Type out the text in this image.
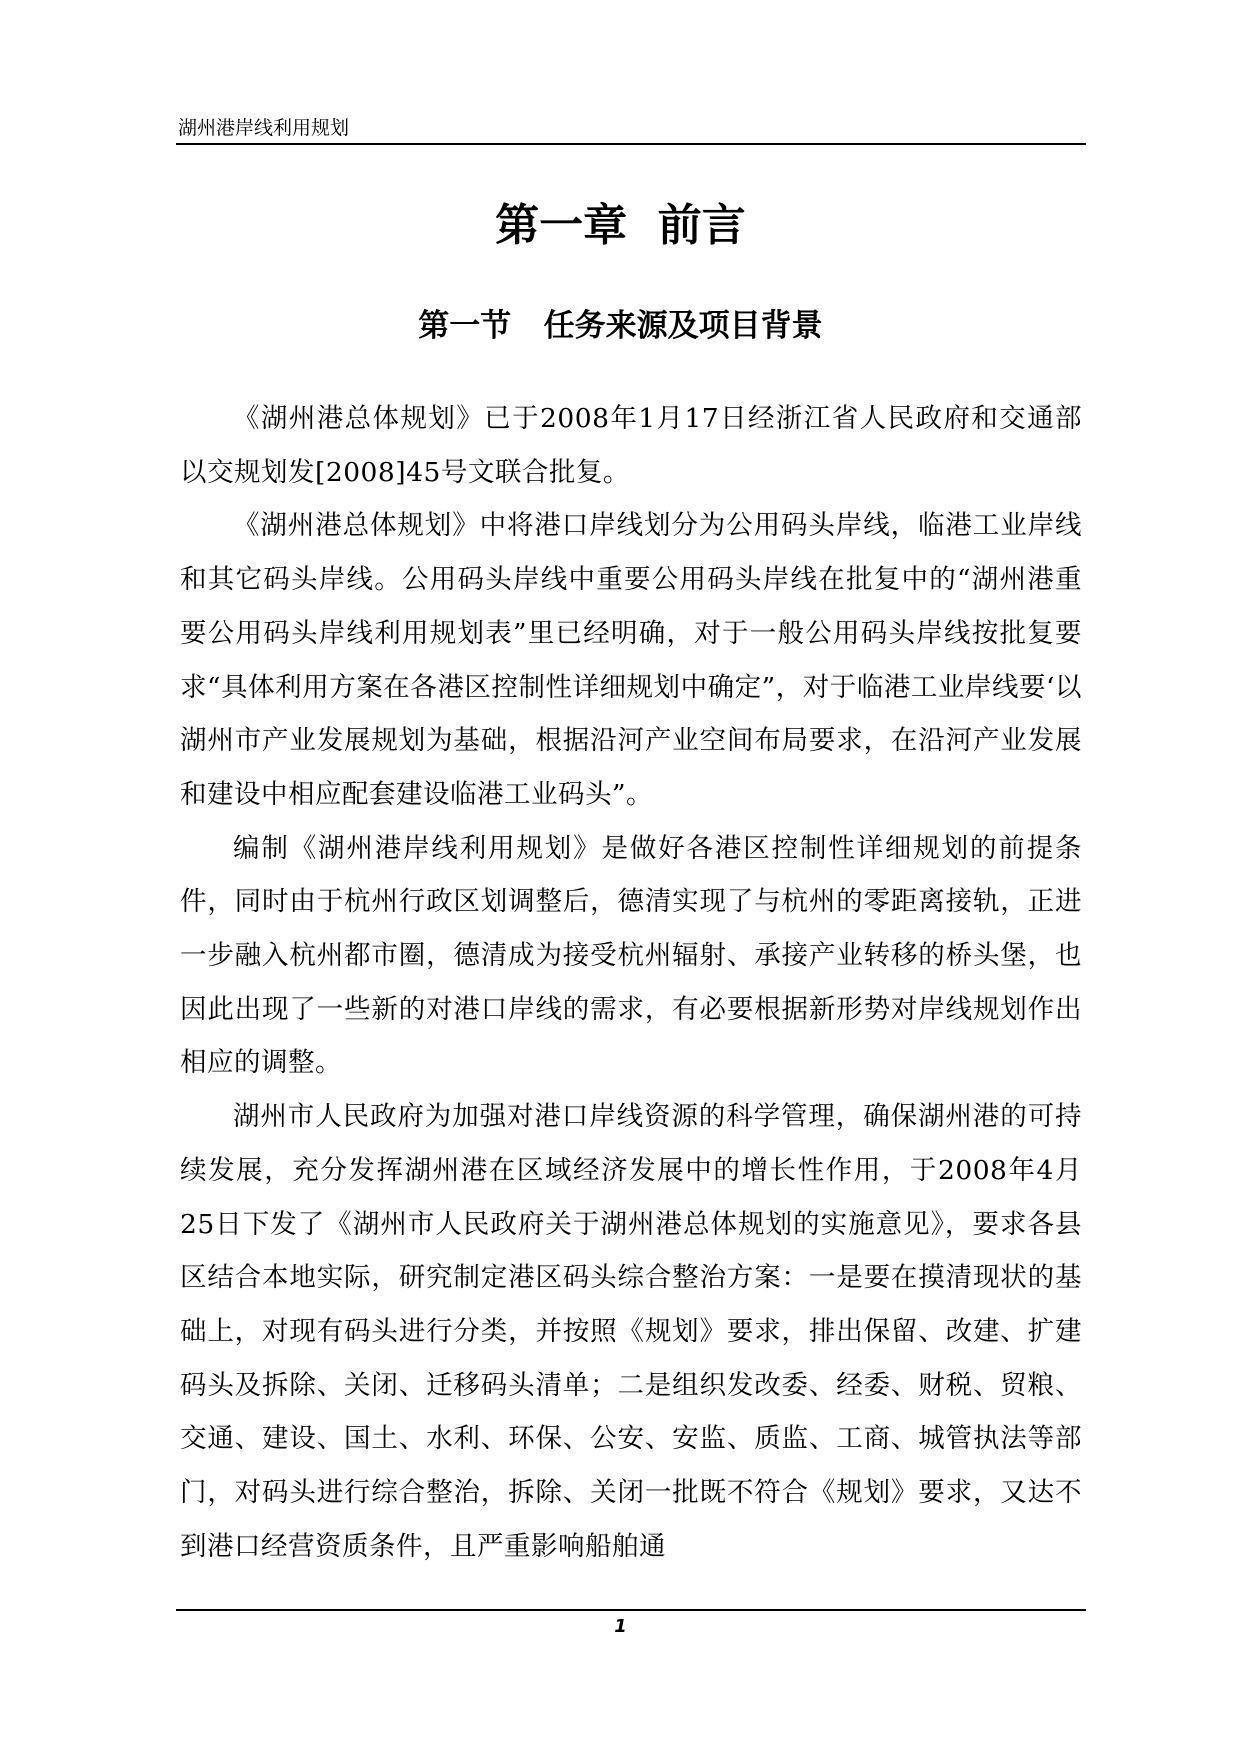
湖州港岸线利用规划
第一章  前言
第一节   任务来源及项目背景

《湖州港总体规划》已于2008年1月17日经浙江省人民政府和交通部以交规划发[2008]45号文联合批复。

《湖州港总体规划》中将港口岸线划分为公用码头岸线，临港工业岸线和其它码头岸线。公用码头岸线中重要公用码头岸线在批复中的“湖州港重要公用码头岸线利用规划表”里已经明确，对于一般公用码头岸线按批复要求“具体利用方案在各港区控制性详细规划中确定”，对于临港工业岸线要‘以湖州市产业发展规划为基础，根据沿河产业空间布局要求，在沿河产业发展和建设中相应配套建设临港工业码头”。

编制《湖州港岸线利用规划》是做好各港区控制性详细规划的前提条件，同时由于杭州行政区划调整后，德清实现了与杭州的零距离接轨，正进一步融入杭州都市圈，德清成为接受杭州辐射、承接产业转移的桥头堡，也因此出现了一些新的对港口岸线的需求，有必要根据新形势对岸线规划作出相应的调整。

湖州市人民政府为加强对港口岸线资源的科学管理，确保湖州港的可持续发展，充分发挥湖州港在区域经济发展中的增长性作用，于2008年4月25日下发了《湖州市人民政府关于湖州港总体规划的实施意见》，要求各县区结合本地实际，研究制定港区码头综合整治方案：一是要在摸清现状的基础上，对现有码头进行分类，并按照《规划》要求，排出保留、改建、扩建码头及拆除、关闭、迁移码头清单；二是组织发改委、经委、财税、贸粮、交通、建设、国土、水利、环保、公安、安监、质监、工商、城管执法等部门，对码头进行综合整治，拆除、关闭一批既不符合《规划》要求，又达不到港口经营资质条件，且严重影响船舶通

1
